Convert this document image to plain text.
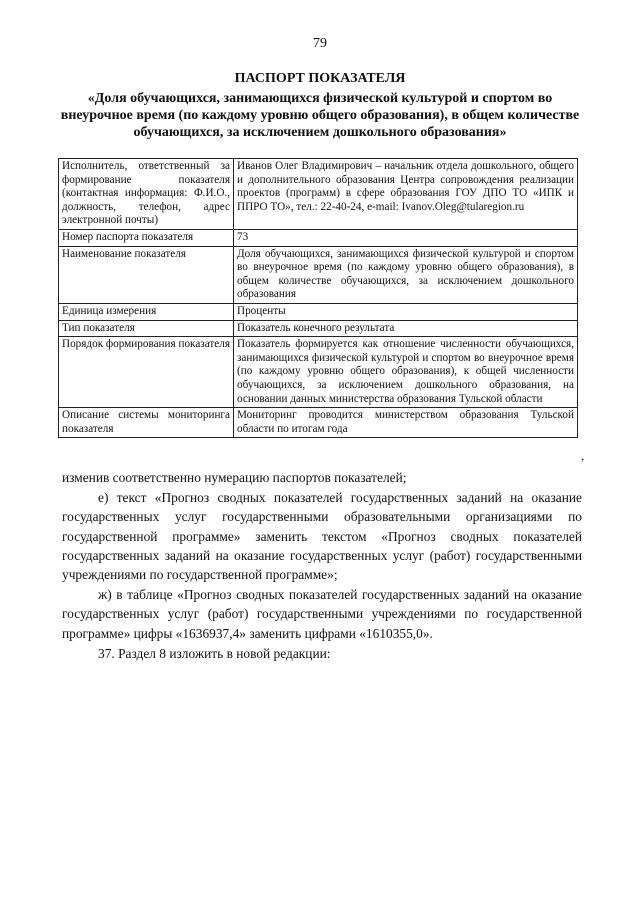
79
ПАСПОРТ ПОКАЗАТЕЛЯ
«Доля обучающихся, занимающихся физической культурой и спортом во внеурочное время (по каждому уровню общего образования), в общем количестве обучающихся, за исключением дошкольного образования»
Исполнитель, ответственный за формирование показателя (контактная информация: Ф.И.О., должность, телефон, адрес электронной почты)	Иванов Олег Владимирович – начальник отдела дошкольного, общего и дополнительного образования Центра сопровождения реализации проектов (программ) в сфере образования ГОУ ДПО ТО «ИПК и ППРО ТО», тел.: 22-40-24, e-mail: Ivanov.Oleg@tularegion.ru
Номер паспорта показателя	73
Наименование показателя	Доля обучающихся, занимающихся физической культурой и спортом во внеурочное время (по каждому уровню общего образования), в общем количестве обучающихся, за исключением дошкольного образования
Единица измерения	Проценты
Тип показателя	Показатель конечного результата
Порядок формирования показателя	Показатель формируется как отношение численности обучающихся, занимающихся физической культурой и спортом во внеурочное время (по каждому уровню общего образования), к общей численности обучающихся, за исключением дошкольного образования, на основании данных министерства образования Тульской области
Описание системы мониторинга показателя	Мониторинг проводится министерством образования Тульской области по итогам года
,

изменив соответственно нумерацию паспортов показателей;

е) текст «Прогноз сводных показателей государственных заданий на оказание государственных услуг государственными образовательными организациями по государственной программе» заменить текстом «Прогноз сводных показателей государственных заданий на оказание государственных услуг (работ) государственными учреждениями по государственной программе»;

ж) в таблице «Прогноз сводных показателей государственных заданий на оказание государственных услуг (работ) государственными учреждениями по государственной программе» цифры «1636937,4» заменить цифрами «1610355,0».

37. Раздел 8 изложить в новой редакции:
